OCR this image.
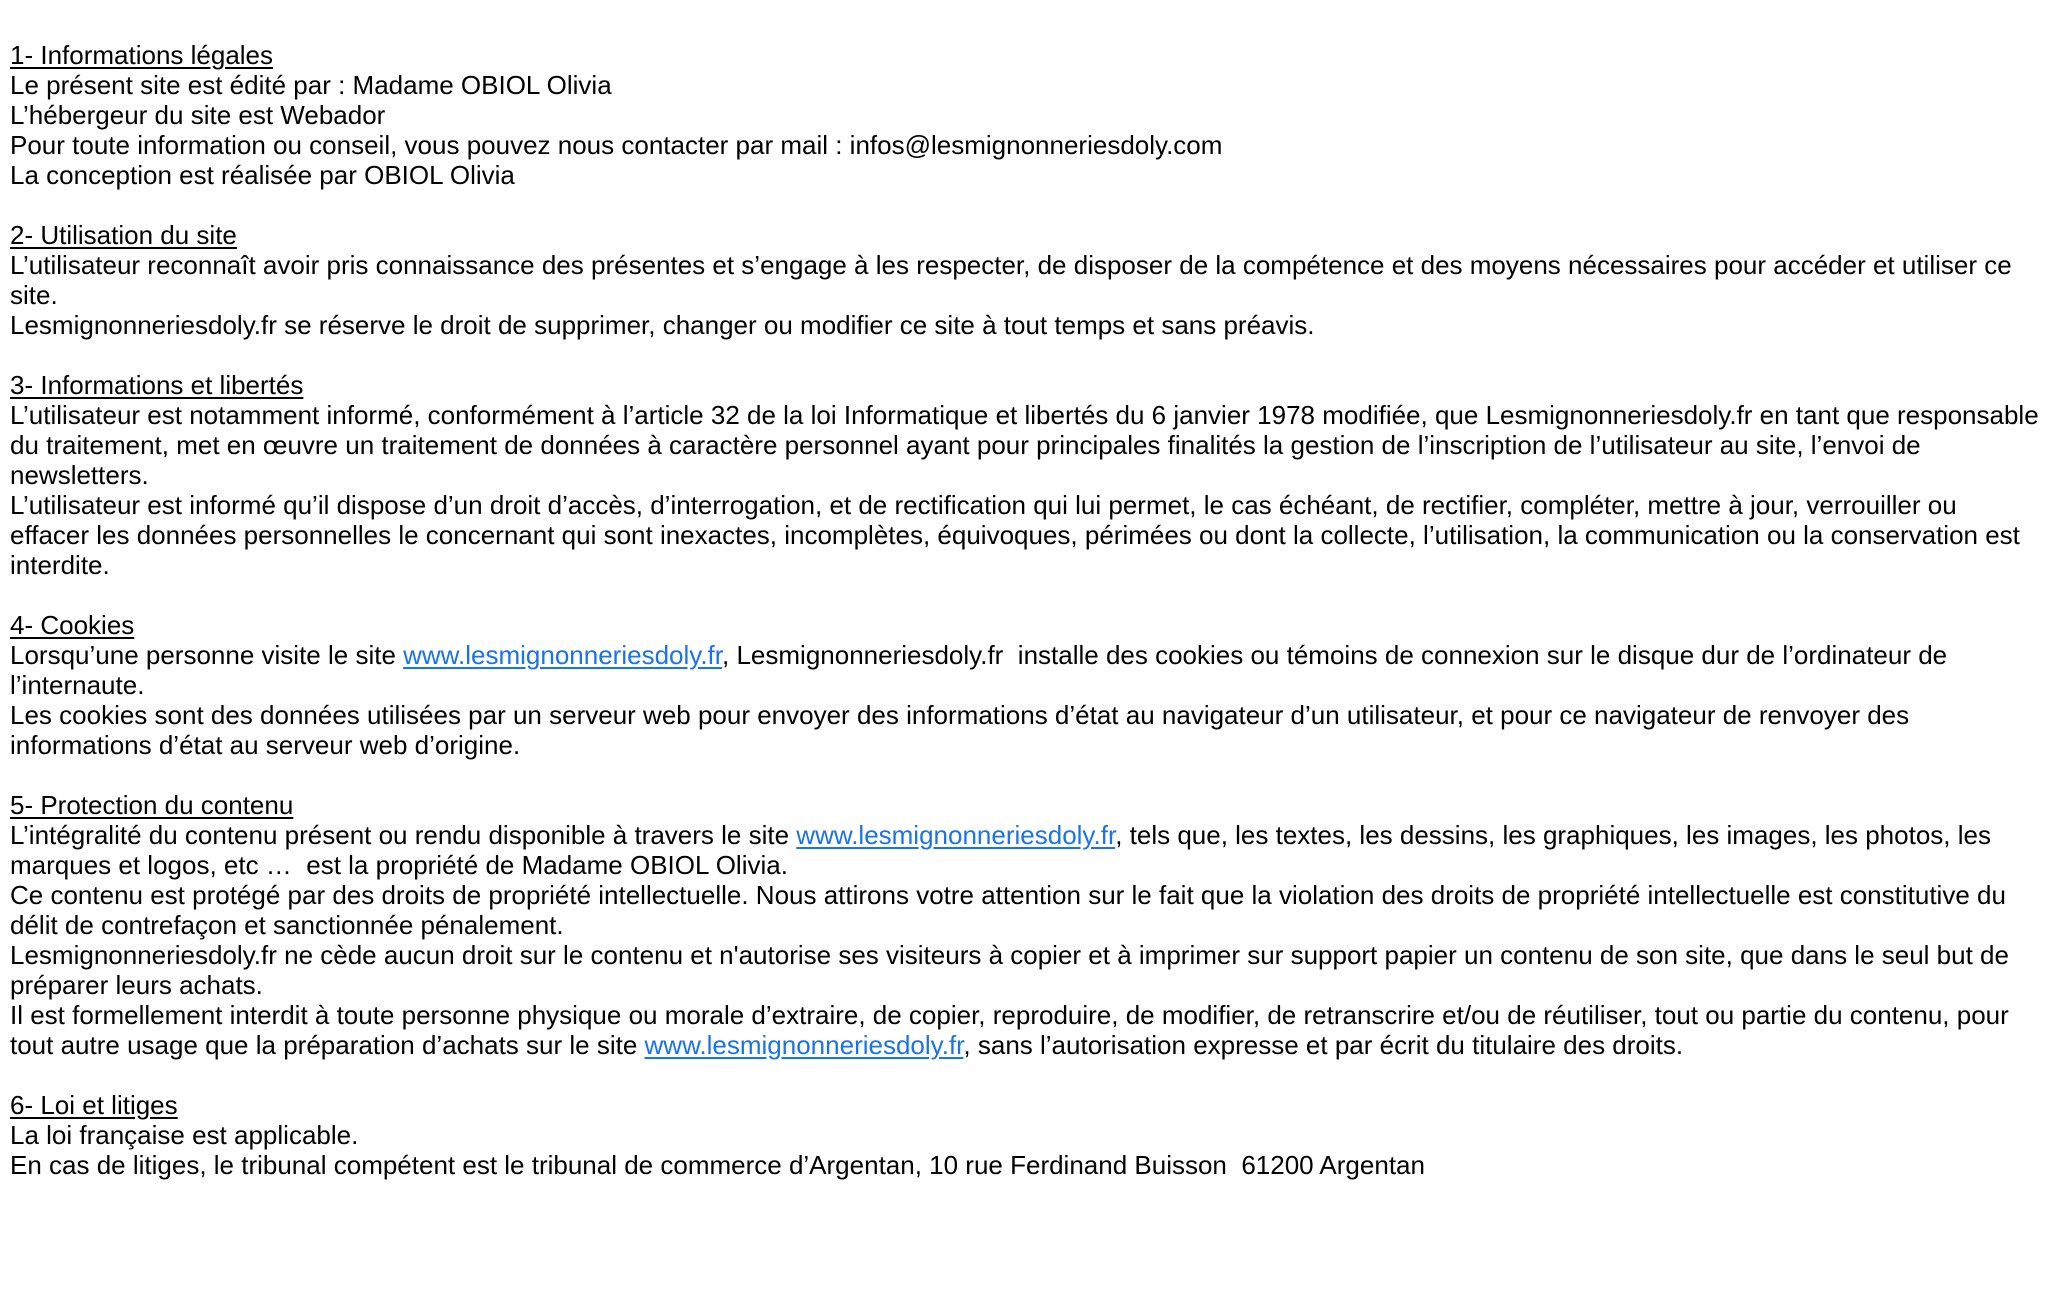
1- Informations légales
Le présent site est édité par : Madame OBIOL Olivia
L’hébergeur du site est Webador
Pour toute information ou conseil, vous pouvez nous contacter par mail : infos@lesmignonneriesdoly.com
La conception est réalisée par OBIOL Olivia
2- Utilisation du site
L’utilisateur reconnaît avoir pris connaissance des présentes et s’engage à les respecter, de disposer de la compétence et des moyens nécessaires pour accéder et utiliser ce site.
Lesmignonneriesdoly.fr se réserve le droit de supprimer, changer ou modifier ce site à tout temps et sans préavis.
3- Informations et libertés
L’utilisateur est notamment informé, conformément à l’article 32 de la loi Informatique et libertés du 6 janvier 1978 modifiée, que Lesmignonneriesdoly.fr en tant que responsable du traitement, met en œuvre un traitement de données à caractère personnel ayant pour principales finalités la gestion de l’inscription de l’utilisateur au site, l’envoi de newsletters.
L’utilisateur est informé qu’il dispose d’un droit d’accès, d’interrogation, et de rectification qui lui permet, le cas échéant, de rectifier, compléter, mettre à jour, verrouiller ou effacer les données personnelles le concernant qui sont inexactes, incomplètes, équivoques, périmées ou dont la collecte, l’utilisation, la communication ou la conservation est interdite.
4- Cookies
Lorsqu’une personne visite le site www.lesmignonneriesdoly.fr, Lesmignonneriesdoly.fr  installe des cookies ou témoins de connexion sur le disque dur de l’ordinateur de l’internaute.
Les cookies sont des données utilisées par un serveur web pour envoyer des informations d’état au navigateur d’un utilisateur, et pour ce navigateur de renvoyer des informations d’état au serveur web d’origine.
5- Protection du contenu
L’intégralité du contenu présent ou rendu disponible à travers le site www.lesmignonneriesdoly.fr, tels que, les textes, les dessins, les graphiques, les images, les photos, les marques et logos, etc …  est la propriété de Madame OBIOL Olivia.
Ce contenu est protégé par des droits de propriété intellectuelle. Nous attirons votre attention sur le fait que la violation des droits de propriété intellectuelle est constitutive du délit de contrefaçon et sanctionnée pénalement.
Lesmignonneriesdoly.fr ne cède aucun droit sur le contenu et n'autorise ses visiteurs à copier et à imprimer sur support papier un contenu de son site, que dans le seul but de préparer leurs achats.
Il est formellement interdit à toute personne physique ou morale d’extraire, de copier, reproduire, de modifier, de retranscrire et/ou de réutiliser, tout ou partie du contenu, pour tout autre usage que la préparation d’achats sur le site www.lesmignonneriesdoly.fr, sans l’autorisation expresse et par écrit du titulaire des droits.
6- Loi et litiges
La loi française est applicable.
En cas de litiges, le tribunal compétent est le tribunal de commerce d’Argentan, 10 rue Ferdinand Buisson  61200 Argentan
